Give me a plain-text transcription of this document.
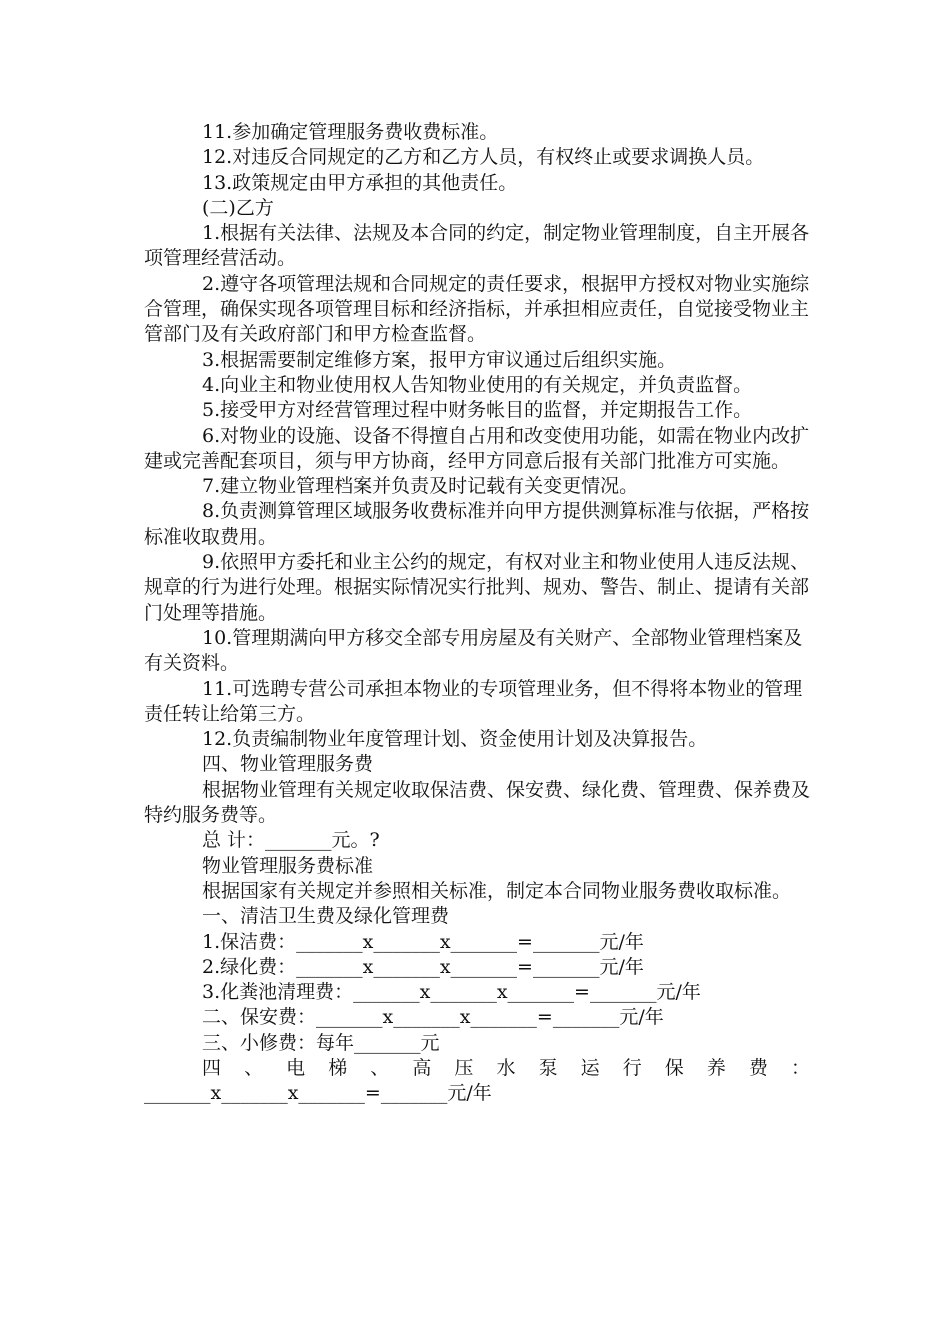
11.参加确定管理服务费收费标准。

12.对违反合同规定的乙方和乙方人员，有权终止或要求调换人员。

13.政策规定由甲方承担的其他责任。

(二)乙方

1.根据有关法律、法规及本合同的约定，制定物业管理制度，自主开展各项管理经营活动。

2.遵守各项管理法规和合同规定的责任要求，根据甲方授权对物业实施综合管理，确保实现各项管理目标和经济指标，并承担相应责任，自觉接受物业主管部门及有关政府部门和甲方检查监督。

3.根据需要制定维修方案，报甲方审议通过后组织实施。

4.向业主和物业使用权人告知物业使用的有关规定，并负责监督。

5.接受甲方对经营管理过程中财务帐目的监督，并定期报告工作。

6.对物业的设施、设备不得擅自占用和改变使用功能，如需在物业内改扩建或完善配套项目，须与甲方协商，经甲方同意后报有关部门批准方可实施。

7.建立物业管理档案并负责及时记载有关变更情况。

8.负责测算管理区域服务收费标准并向甲方提供测算标准与依据，严格按标准收取费用。

9.依照甲方委托和业主公约的规定，有权对业主和物业使用人违反法规、规章的行为进行处理。根据实际情况实行批判、规劝、警告、制止、提请有关部门处理等措施。

10.管理期满向甲方移交全部专用房屋及有关财产、全部物业管理档案及有关资料。

11.可选聘专营公司承担本物业的专项管理业务，但不得将本物业的管理责任转让给第三方。

12.负责编制物业年度管理计划、资金使用计划及决算报告。

四、物业管理服务费

根据物业管理有关规定收取保洁费、保安费、绿化费、管理费、保养费及特约服务费等。

总 计：_______元。?

物业管理服务费标准

根据国家有关规定并参照相关标准，制定本合同物业服务费收取标准。

一、清洁卫生费及绿化管理费

1.保洁费：_______x_______x_______=_______元/年

2.绿化费：_______x_______x_______=_______元/年

3.化粪池清理费：_______x_______x_______=_______元/年

二、保安费：_______x_______x_______=_______元/年

三、小修费：每年_______元

四、电梯、高压水泵运行保养费：

_______x_______x_______=_______元/年
